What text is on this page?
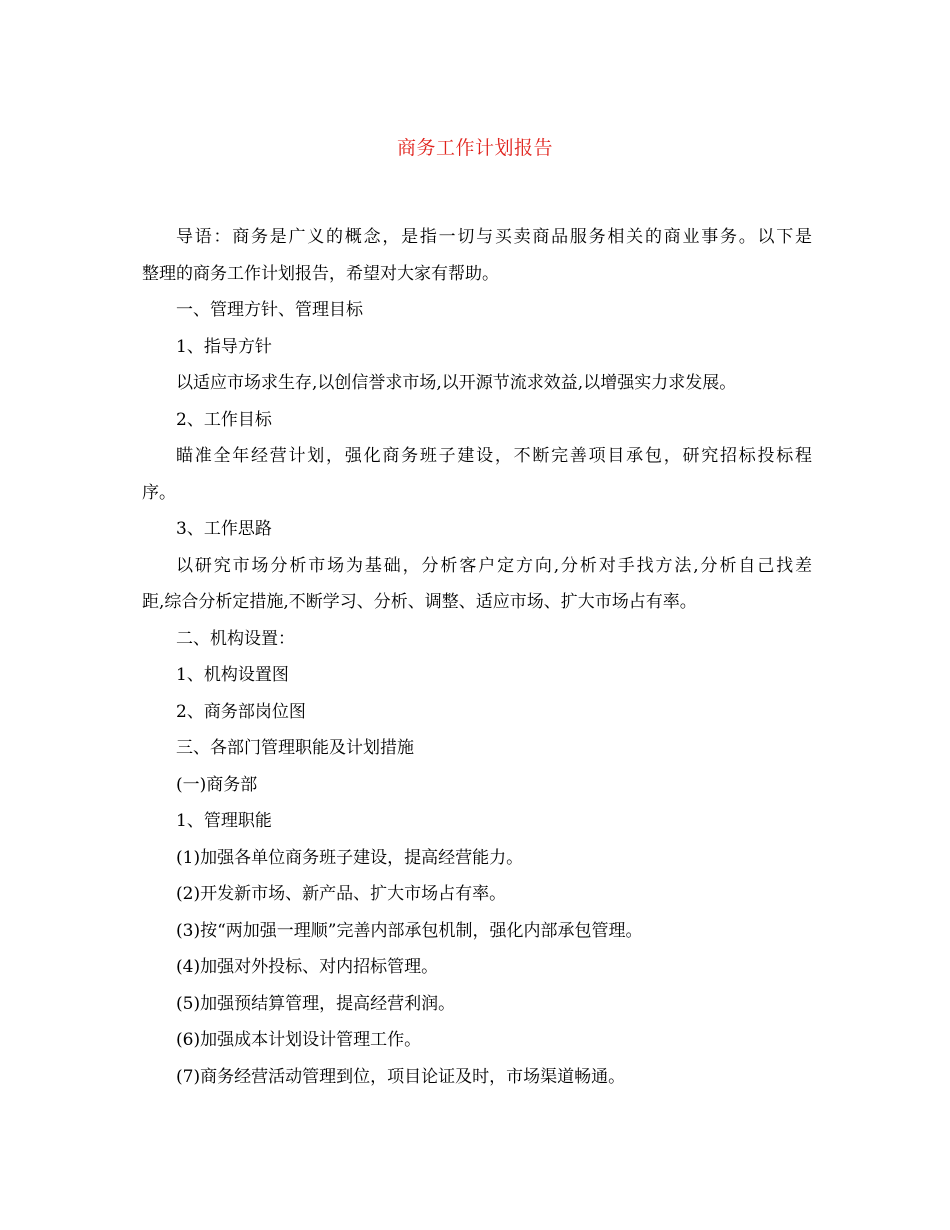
商务工作计划报告
导语：商务是广义的概念，是指一切与买卖商品服务相关的商业事务。以下是
整理的商务工作计划报告，希望对大家有帮助。
一、管理方针、管理目标
1、指导方针
以适应市场求生存,以创信誉求市场,以开源节流求效益,以增强实力求发展。
2、工作目标
瞄准全年经营计划，强化商务班子建设，不断完善项目承包，研究招标投标程
序。
3、工作思路
以研究市场分析市场为基础，分析客户定方向,分析对手找方法,分析自己找差
距,综合分析定措施,不断学习、分析、调整、适应市场、扩大市场占有率。
二、机构设置：
1、机构设置图
2、商务部岗位图
三、各部门管理职能及计划措施
(一)商务部
1、管理职能
(1)加强各单位商务班子建设，提高经营能力。
(2)开发新市场、新产品、扩大市场占有率。
(3)按“两加强一理顺”完善内部承包机制，强化内部承包管理。
(4)加强对外投标、对内招标管理。
(5)加强预结算管理，提高经营利润。
(6)加强成本计划设计管理工作。
(7)商务经营活动管理到位，项目论证及时，市场渠道畅通。
